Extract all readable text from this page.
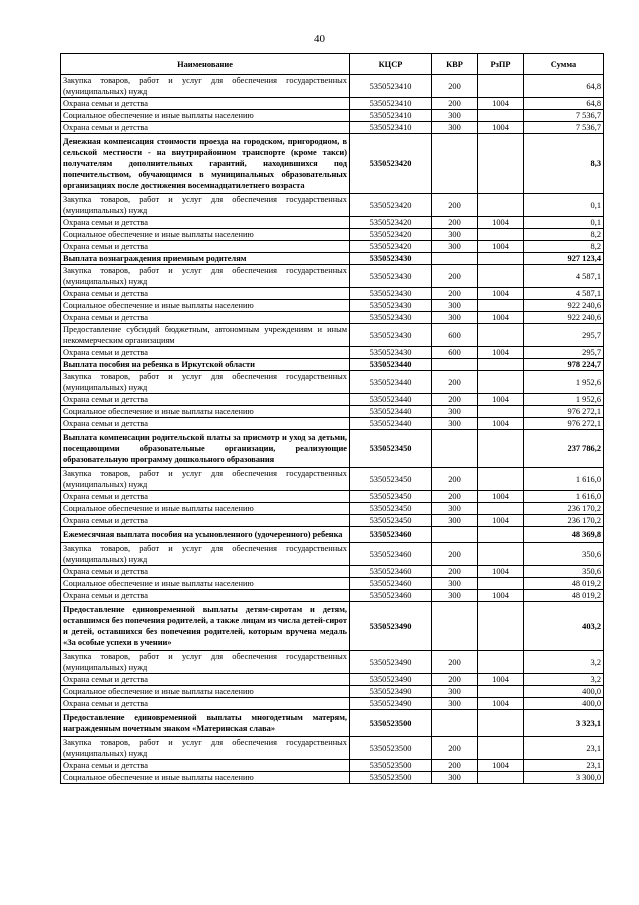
40
Наименование	КЦСР	КВР	РзПР	Сумма
Закупка товаров, работ и услуг для обеспечения государственных (муниципальных) нужд	5350523410	200		64,8
Охрана семьи и детства	5350523410	200	1004	64,8
Социальное обеспечение и иные выплаты населению	5350523410	300		7 536,7
Охрана семьи и детства	5350523410	300	1004	7 536,7
Денежная компенсация стоимости проезда на городском, пригородном, в сельской местности - на внутрирайонном транспорте (кроме такси) получателям дополнительных гарантий, находившихся под попечительством, обучающимся в муниципальных образовательных организациях после достижения восемнадцатилетнего возраста	5350523420			8,3
Закупка товаров, работ и услуг для обеспечения государственных (муниципальных) нужд	5350523420	200		0,1
Охрана семьи и детства	5350523420	200	1004	0,1
Социальное обеспечение и иные выплаты населению	5350523420	300		8,2
Охрана семьи и детства	5350523420	300	1004	8,2
Выплата вознаграждения приемным родителям	5350523430			927 123,4
Закупка товаров, работ и услуг для обеспечения государственных (муниципальных) нужд	5350523430	200		4 587,1
Охрана семьи и детства	5350523430	200	1004	4 587,1
Социальное обеспечение и иные выплаты населению	5350523430	300		922 240,6
Охрана семьи и детства	5350523430	300	1004	922 240,6
Предоставление субсидий бюджетным, автономным учреждениям и иным некоммерческим организациям	5350523430	600		295,7
Охрана семьи и детства	5350523430	600	1004	295,7
Выплата пособия на ребенка в Иркутской области	5350523440			978 224,7
Закупка товаров, работ и услуг для обеспечения государственных (муниципальных) нужд	5350523440	200		1 952,6
Охрана семьи и детства	5350523440	200	1004	1 952,6
Социальное обеспечение и иные выплаты населению	5350523440	300		976 272,1
Охрана семьи и детства	5350523440	300	1004	976 272,1
Выплата компенсации родительской платы за присмотр и уход за детьми, посещающими образовательные организации, реализующие образовательную программу дошкольного образования	5350523450			237 786,2
Закупка товаров, работ и услуг для обеспечения государственных (муниципальных) нужд	5350523450	200		1 616,0
Охрана семьи и детства	5350523450	200	1004	1 616,0
Социальное обеспечение и иные выплаты населению	5350523450	300		236 170,2
Охрана семьи и детства	5350523450	300	1004	236 170,2
Ежемесячная выплата пособия на усыновленного (удочеренного) ребенка	5350523460			48 369,8
Закупка товаров, работ и услуг для обеспечения государственных (муниципальных) нужд	5350523460	200		350,6
Охрана семьи и детства	5350523460	200	1004	350,6
Социальное обеспечение и иные выплаты населению	5350523460	300		48 019,2
Охрана семьи и детства	5350523460	300	1004	48 019,2
Предоставление единовременной выплаты детям-сиротам и детям, оставшимся без попечения родителей, а также лицам из числа детей-сирот и детей, оставшихся без попечения родителей, которым вручена медаль «За особые успехи в учении»	5350523490			403,2
Закупка товаров, работ и услуг для обеспечения государственных (муниципальных) нужд	5350523490	200		3,2
Охрана семьи и детства	5350523490	200	1004	3,2
Социальное обеспечение и иные выплаты населению	5350523490	300		400,0
Охрана семьи и детства	5350523490	300	1004	400,0
Предоставление единовременной выплаты многодетным матерям, награжденным почетным знаком «Материнская слава»	5350523500			3 323,1
Закупка товаров, работ и услуг для обеспечения государственных (муниципальных) нужд	5350523500	200		23,1
Охрана семьи и детства	5350523500	200	1004	23,1
Социальное обеспечение и иные выплаты населению	5350523500	300		3 300,0
